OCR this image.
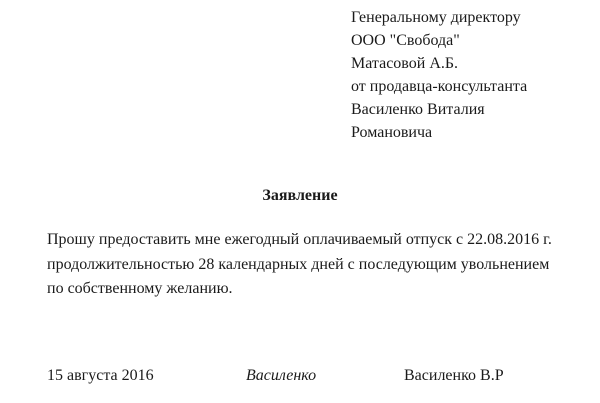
Генеральному директору
ООО "Свобода"
Матасовой А.Б.
от продавца-консультанта
Василенко Виталия
Романовича
Заявление
Прошу предоставить мне ежегодный оплачиваемый отпуск с 22.08.2016 г.
продолжительностью 28 календарных дней с последующим увольнением
по собственному желанию.
15 августа 2016	Василенко	Василенко В.Р
